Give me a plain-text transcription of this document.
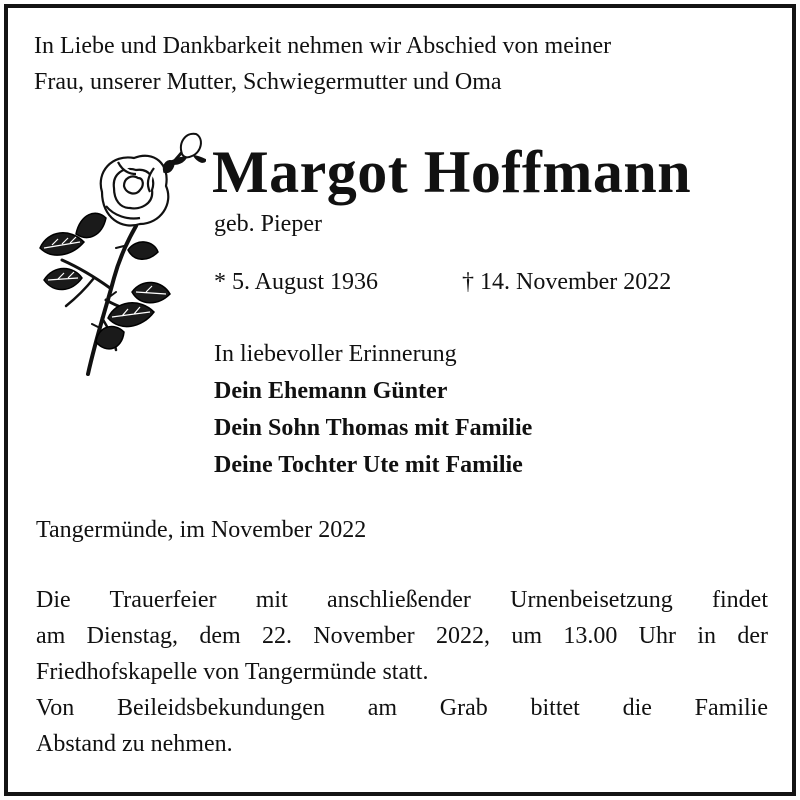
In Liebe und Dankbarkeit nehmen wir Abschied von meiner
Frau, unserer Mutter, Schwiegermutter und Oma
Margot Hoffmann
geb. Pieper
* 5. August 1936	† 14. November 2022
In liebevoller Erinnerung
Dein Ehemann Günter
Dein Sohn Thomas mit Familie
Deine Tochter Ute mit Familie
Tangermünde, im November 2022
Die Trauerfeier mit anschließender Urnenbeisetzung findet
am Dienstag, dem 22. November 2022, um 13.00 Uhr in der
Friedhofskapelle von Tangermünde statt.
Von Beileidsbekundungen am Grab bittet die Familie
Abstand zu nehmen.
